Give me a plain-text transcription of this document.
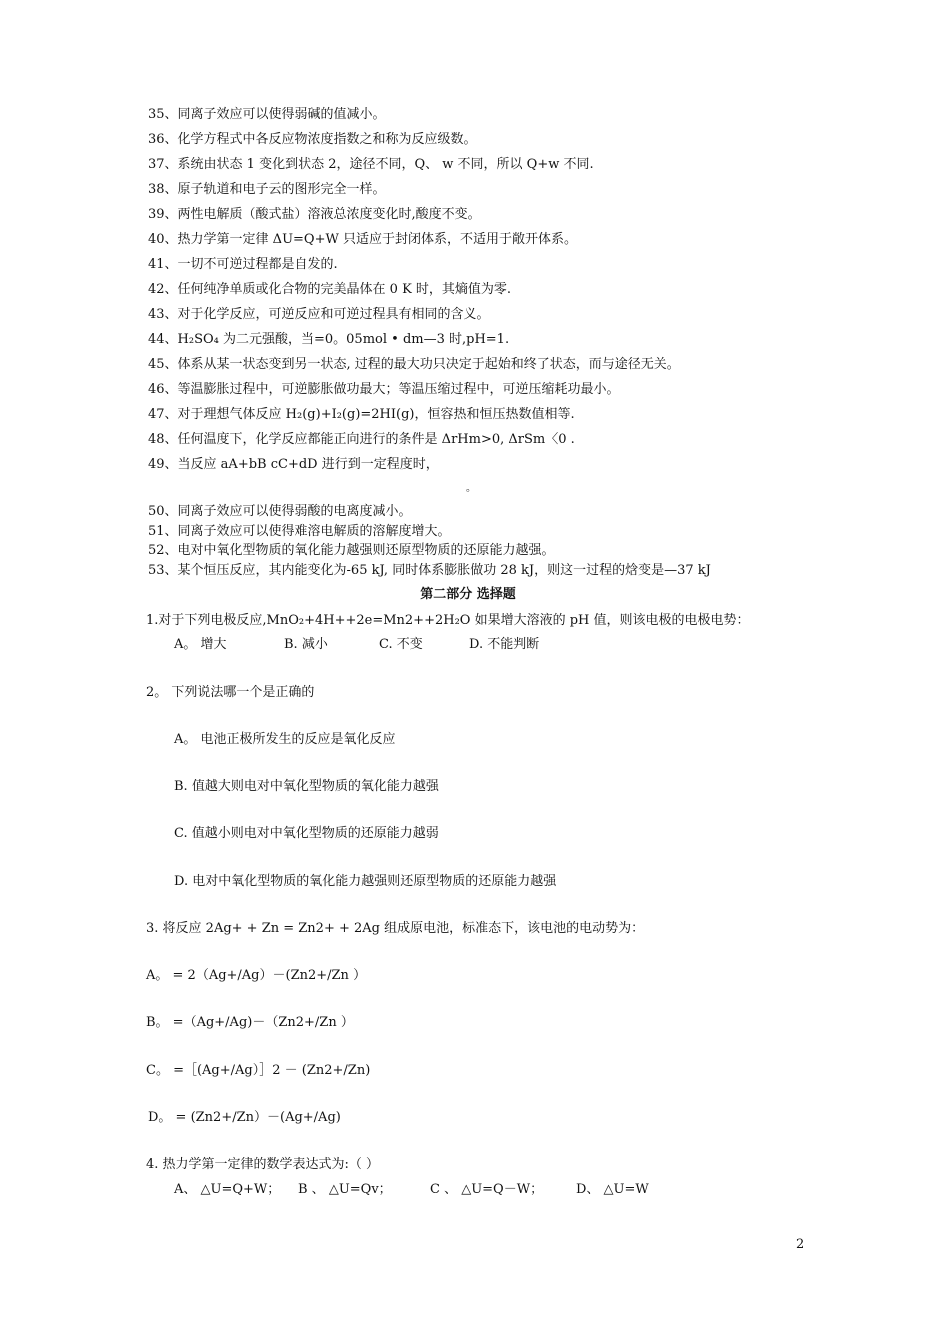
35、同离子效应可以使得弱碱的值减小。
36、化学方程式中各反应物浓度指数之和称为反应级数。
37、系统由状态 1 变化到状态 2，途径不同，Q、 w 不同，所以 Q+w 不同.
38、原子轨道和电子云的图形完全一样。
39、两性电解质（酸式盐）溶液总浓度变化时,酸度不变。
40、热力学第一定律 ΔU=Q+W 只适应于封闭体系，不适用于敞开体系。
41、一切不可逆过程都是自发的.
42、任何纯净单质或化合物的完美晶体在 0 K 时，其熵值为零.
43、对于化学反应，可逆反应和可逆过程具有相同的含义。
44、H₂SO₄ 为二元强酸，当=0。05mol • dm—3 时,pH=1.
45、体系从某一状态变到另一状态, 过程的最大功只决定于起始和终了状态，而与途径无关。
46、等温膨胀过程中，可逆膨胀做功最大；等温压缩过程中，可逆压缩耗功最小。
47、对于理想气体反应 H₂(g)+I₂(g)=2HI(g)，恒容热和恒压热数值相等.
48、任何温度下，化学反应都能正向进行的条件是 ΔrHm>0, ΔrSm〈0 .
49、当反应 aA+bB cC+dD 进行到一定程度时，
。
50、同离子效应可以使得弱酸的电离度减小。
51、同离子效应可以使得难溶电解质的溶解度增大。
52、电对中氧化型物质的氧化能力越强则还原型物质的还原能力越强。
53、某个恒压反应，其内能变化为-65 kJ, 同时体系膨胀做功 28 kJ，则这一过程的焓变是—37 kJ
第二部分 选择题
1.对于下列电极反应,MnO₂+4H++2e=Mn2++2H₂O 如果增大溶液的 pH 值，则该电极的电极电势：
A。 增大	B. 减小	C. 不变	D. 不能判断
2。 下列说法哪一个是正确的
A。 电池正极所发生的反应是氧化反应
B. 值越大则电对中氧化型物质的氧化能力越强
C. 值越小则电对中氧化型物质的还原能力越弱
D. 电对中氧化型物质的氧化能力越强则还原型物质的还原能力越强
3. 将反应 2Ag+ + Zn = Zn2+ + 2Ag 组成原电池，标准态下，该电池的电动势为：
A。 = 2（Ag+/Ag）－(Zn2+/Zn ）
B。 =（Ag+/Ag)－（Zn2+/Zn ）
C。 =［(Ag+/Ag）］2 － (Zn2+/Zn)
D。 = (Zn2+/Zn）－(Ag+/Ag)
4. 热力学第一定律的数学表达式为:（ ）
A、 △U=Q+W； B 、 △U=Qv；	C 、 △U=Q－W；	D、 △U=W
2
